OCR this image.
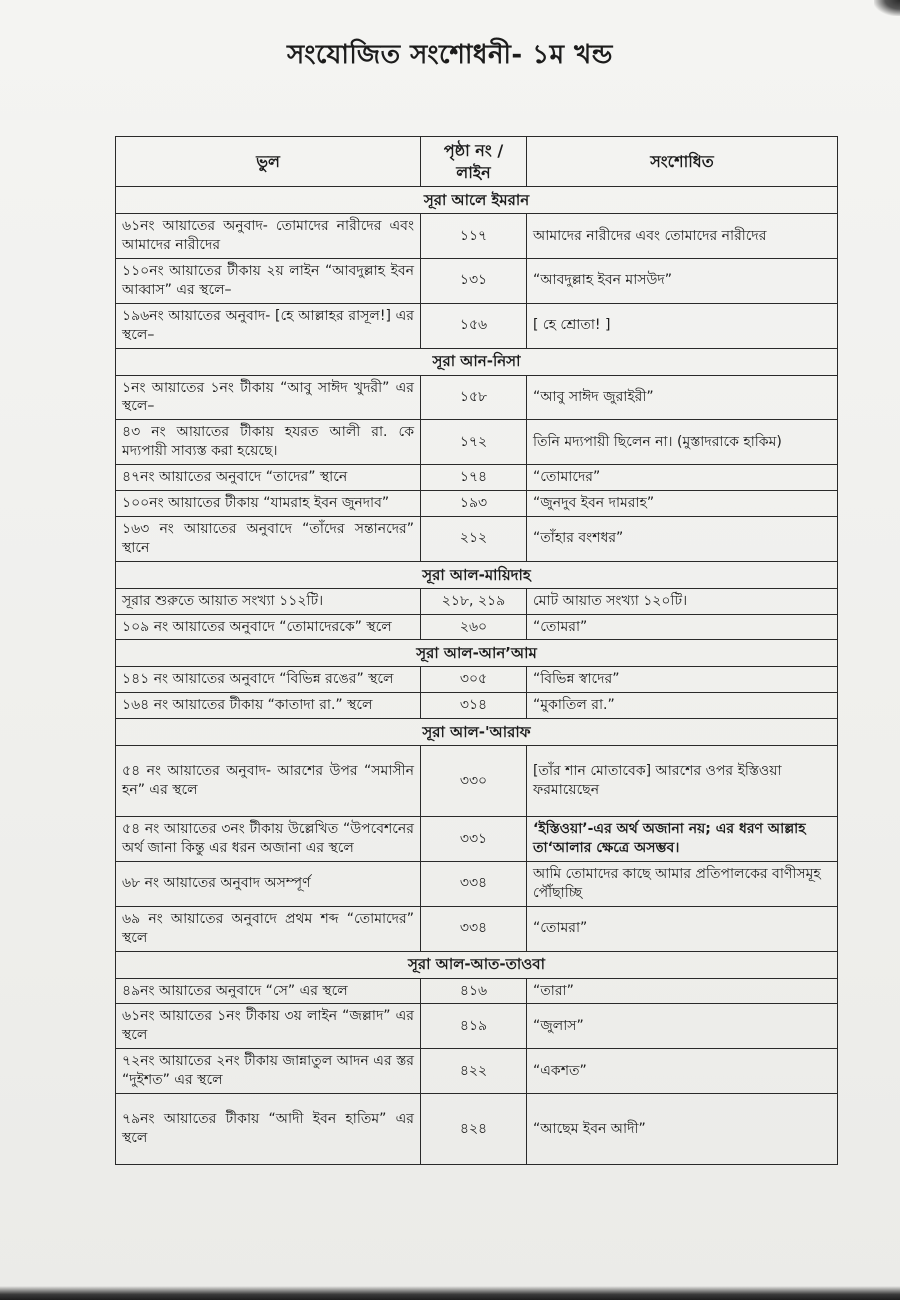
সংযোজিত সংশোধনী- ১ম খন্ড
ভুল	পৃষ্ঠা নং / লাইন	সংশোধিত
সূরা আলে ইমরান		
৬১নং আয়াতের অনুবাদ- তোমাদের নারীদের এবং আমাদের নারীদের	১১৭	আমাদের নারীদের এবং তোমাদের নারীদের
১১০নং আয়াতের টীকায় ২য় লাইন “আবদুল্লাহ ইবন আব্বাস” এর স্থলে–	১৩১	“আবদুল্লাহ ইবন মাসউদ”
১৯৬নং আয়াতের অনুবাদ- [হে আল্লাহর রাসূল!] এর স্থলে–	১৫৬	[ হে শ্রোতা! ]
সূরা আন-নিসা		
১নং আয়াতের ১নং টীকায় “আবু সাঈদ খুদরী” এর স্থলে–	১৫৮	“আবু সাঈদ জুরাইরী”
৪৩ নং আয়াতের টীকায় হযরত আলী রা. কে মদ্যপায়ী সাব্যস্ত করা হয়েছে।	১৭২	তিনি মদ্যপায়ী ছিলেন না। (মুস্তাদরাকে হাকিম)
৪৭নং আয়াতের অনুবাদে “তাদের” স্থানে	১৭৪	“তোমাদের”
১০০নং আয়াতের টীকায় “যামরাহ ইবন জুনদাব”	১৯৩	“জুনদুব ইবন দামরাহ”
১৬৩ নং আয়াতের অনুবাদে “তাঁদের সন্তানদের” স্থানে	২১২	“তাঁহার বংশধর”
সূরা আল-মায়িদাহ		
সূরার শুরুতে আয়াত সংখ্যা ১১২টি।	২১৮, ২১৯	মোট আয়াত সংখ্যা ১২০টি।
১০৯ নং আয়াতের অনুবাদে “তোমাদেরকে” স্থলে	২৬০	“তোমরা”
সূরা আল-আন’আম		
১৪১ নং আয়াতের অনুবাদে “বিভিন্ন রঙের” স্থলে	৩০৫	“বিভিন্ন স্বাদের”
১৬৪ নং আয়াতের টীকায় “কাতাদা রা.” স্থলে	৩১৪	“মুকাতিল রা.”
সূরা আল-'আরাফ		
৫৪ নং আয়াতের অনুবাদ- আরশের উপর “সমাসীন হন” এর স্থলে	৩৩০	[তাঁর শান মোতাবেক] আরশের ওপর ইস্তিওয়া ফরমায়েছেন
৫৪ নং আয়াতের ৩নং টীকায় উল্লেখিত “উপবেশনের অর্থ জানা কিন্তু এর ধরন অজানা এর স্থলে	৩৩১	‘ইস্তিওয়া’-এর অর্থ অজানা নয়; এর ধরণ আল্লাহ তা‘আলার ক্ষেত্রে অসম্ভব।
৬৮ নং আয়াতের অনুবাদ অসম্পূর্ণ	৩৩৪	আমি তোমাদের কাছে আমার প্রতিপালকের বাণীসমূহ পৌঁছাচ্ছি
৬৯ নং আয়াতের অনুবাদে প্রথম শব্দ “তোমাদের” স্থলে	৩৩৪	“তোমরা”
সূরা আল-আত-তাওবা		
৪৯নং আয়াতের অনুবাদে “সে” এর স্থলে	৪১৬	“তারা”
৬১নং আয়াতের ১নং টীকায় ৩য় লাইন “জল্লাদ” এর স্থলে	৪১৯	“জুলাস”
৭২নং আয়াতের ২নং টীকায় জান্নাতুল আদন এর স্তর “দুইশত” এর স্থলে	৪২২	“একশত”
৭৯নং আয়াতের টীকায় “আদী ইবন হাতিম” এর স্থলে	৪২৪	“আছেম ইবন আদী”
